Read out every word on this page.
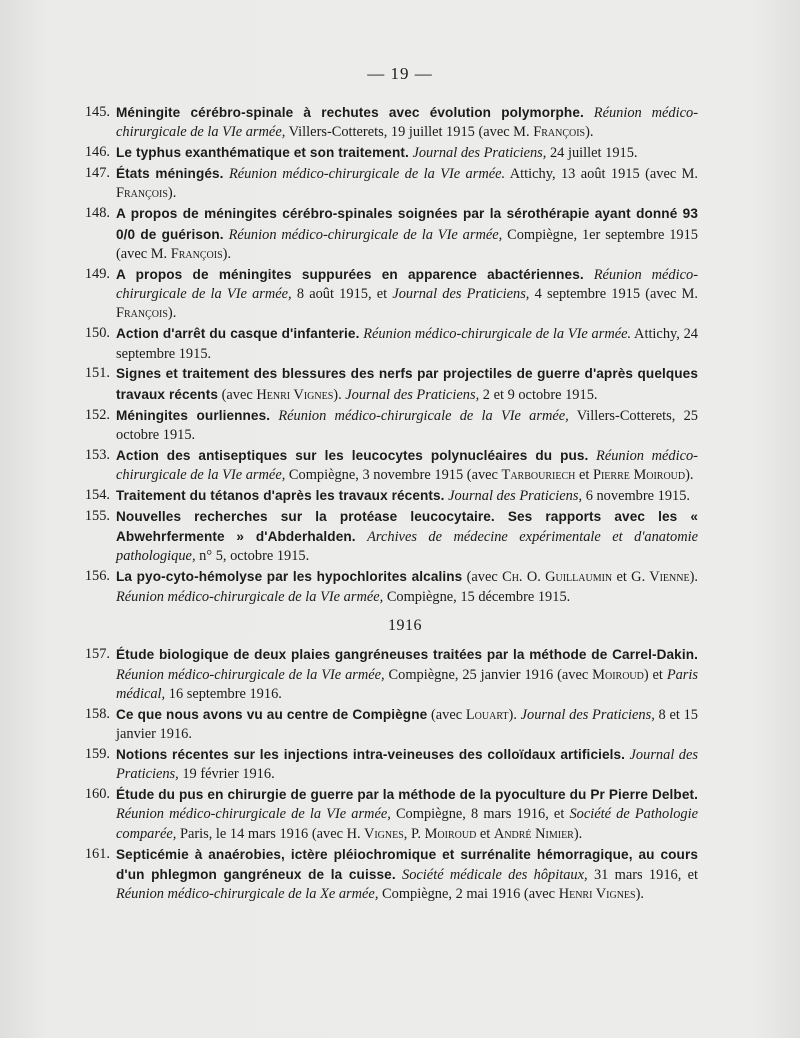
— 19 —
145. Méningite cérébro-spinale à rechutes avec évolution polymorphe. Réunion médico-chirurgicale de la VIe armée, Villers-Cotterets, 19 juillet 1915 (avec M. François).
146. Le typhus exanthématique et son traitement. Journal des Praticiens, 24 juillet 1915.
147. États méningés. Réunion médico-chirurgicale de la VIe armée. Attichy, 13 août 1915 (avec M. François).
148. A propos de méningites cérébro-spinales soignées par la sérothérapie ayant donné 93 0/0 de guérison. Réunion médico-chirurgicale de la VIe armée, Compiègne, 1er septembre 1915 (avec M. François).
149. A propos de méningites suppurées en apparence abactériennes. Réunion médico-chirurgicale de la VIe armée, 8 août 1915, et Journal des Praticiens, 4 septembre 1915 (avec M. François).
150. Action d'arrêt du casque d'infanterie. Réunion médico-chirurgicale de la VIe armée. Attichy, 24 septembre 1915.
151. Signes et traitement des blessures des nerfs par projectiles de guerre d'après quelques travaux récents (avec Henri Vignes). Journal des Praticiens, 2 et 9 octobre 1915.
152. Méningites ourliennes. Réunion médico-chirurgicale de la VIe armée, Villers-Cotterets, 25 octobre 1915.
153. Action des antiseptiques sur les leucocytes polynucléaires du pus. Réunion médico-chirurgicale de la VIe armée, Compiègne, 3 novembre 1915 (avec Tarbouriech et Pierre Moiroud).
154. Traitement du tétanos d'après les travaux récents. Journal des Praticiens, 6 novembre 1915.
155. Nouvelles recherches sur la protéase leucocytaire. Ses rapports avec les « Abwehrfermente » d'Abderhalden. Archives de médecine expérimentale et d'anatomie pathologique, n° 5, octobre 1915.
156. La pyo-cyto-hémolyse par les hypochlorites alcalins (avec Ch. O. Guillaumin et G. Vienne). Réunion médico-chirurgicale de la VIe armée, Compiègne, 15 décembre 1915.
1916
157. Étude biologique de deux plaies gangréneuses traitées par la méthode de Carrel-Dakin. Réunion médico-chirurgicale de la VIe armée, Compiègne, 25 janvier 1916 (avec Moiroud) et Paris médical, 16 septembre 1916.
158. Ce que nous avons vu au centre de Compiègne (avec Louart). Journal des Praticiens, 8 et 15 janvier 1916.
159. Notions récentes sur les injections intra-veineuses des colloïdaux artificiels. Journal des Praticiens, 19 février 1916.
160. Étude du pus en chirurgie de guerre par la méthode de la pyoculture du Pr Pierre Delbet. Réunion médico-chirurgicale de la VIe armée, Compiègne, 8 mars 1916, et Société de Pathologie comparée, Paris, le 14 mars 1916 (avec H. Vignes, P. Moiroud et André Nimier).
161. Septicémie à anaérobies, ictère pléiochromique et surrénalite hémorragique, au cours d'un phlegmon gangréneux de la cuisse. Société médicale des hôpitaux, 31 mars 1916, et Réunion médico-chirurgicale de la Xe armée, Compiègne, 2 mai 1916 (avec Henri Vignes).
